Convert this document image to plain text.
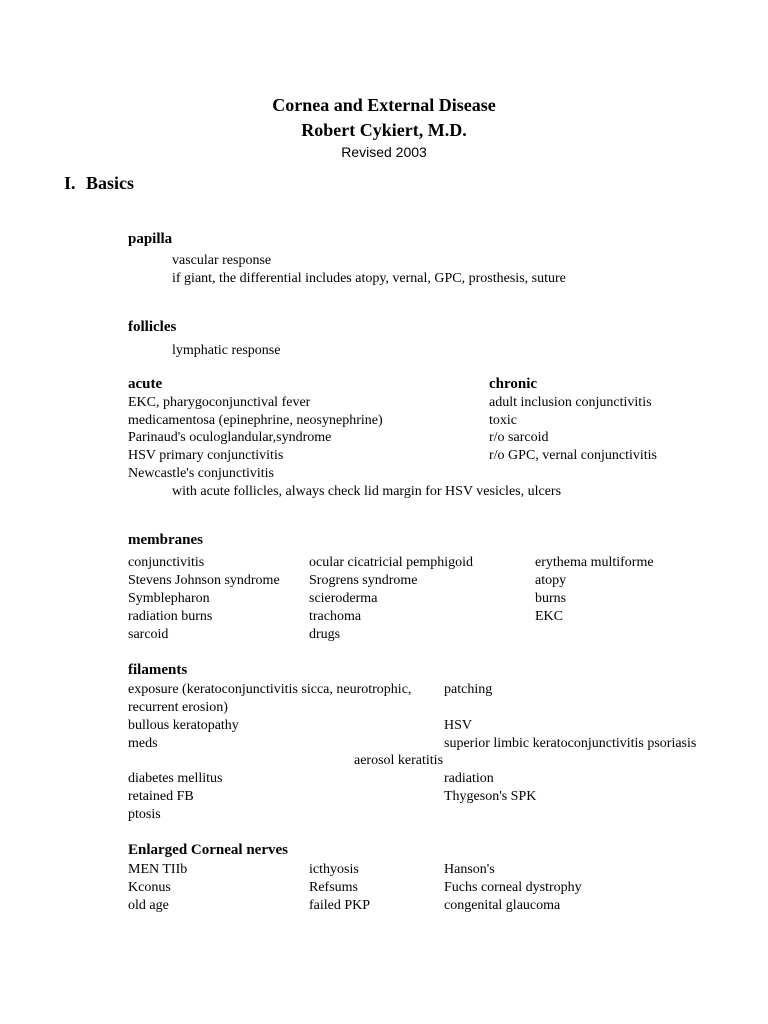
Cornea and External Disease
Robert Cykiert, M.D.
Revised 2003
I. Basics
papilla
vascular response
if giant, the differential includes atopy, vernal, GPC, prosthesis, suture
follicles
lymphatic response
acute	chronic
EKC, pharygoconjunctival fever
medicamentosa (epinephrine, neosynephrine)
Parinaud's oculoglandular,syndrome
HSV primary conjunctivitis
Newcastle's conjunctivitis
adult inclusion conjunctivitis
toxic
r/o sarcoid
r/o GPC, vernal conjunctivitis
with acute follicles, always check lid margin for HSV vesicles, ulcers
membranes
conjunctivitis
Stevens Johnson syndrome
Symblepharon
radiation burns
sarcoid
ocular cicatricial pemphigoid
Srogrens syndrome
scieroderma
trachoma
drugs
erythema multiforme
atopy
burns
EKC
filaments
exposure (keratoconjunctivitis sicca, neurotrophic,
recurrent erosion)
bullous keratopathy
meds
diabetes mellitus
retained FB
ptosis
patching
HSV
superior limbic keratoconjunctivitis psoriasis
radiation
Thygeson's SPK
aerosol keratitis
Enlarged Corneal nerves
MEN TIIb
Kconus
old age
icthyosis
Refsums
failed PKP
Hanson's
Fuchs corneal dystrophy
congenital glaucoma
